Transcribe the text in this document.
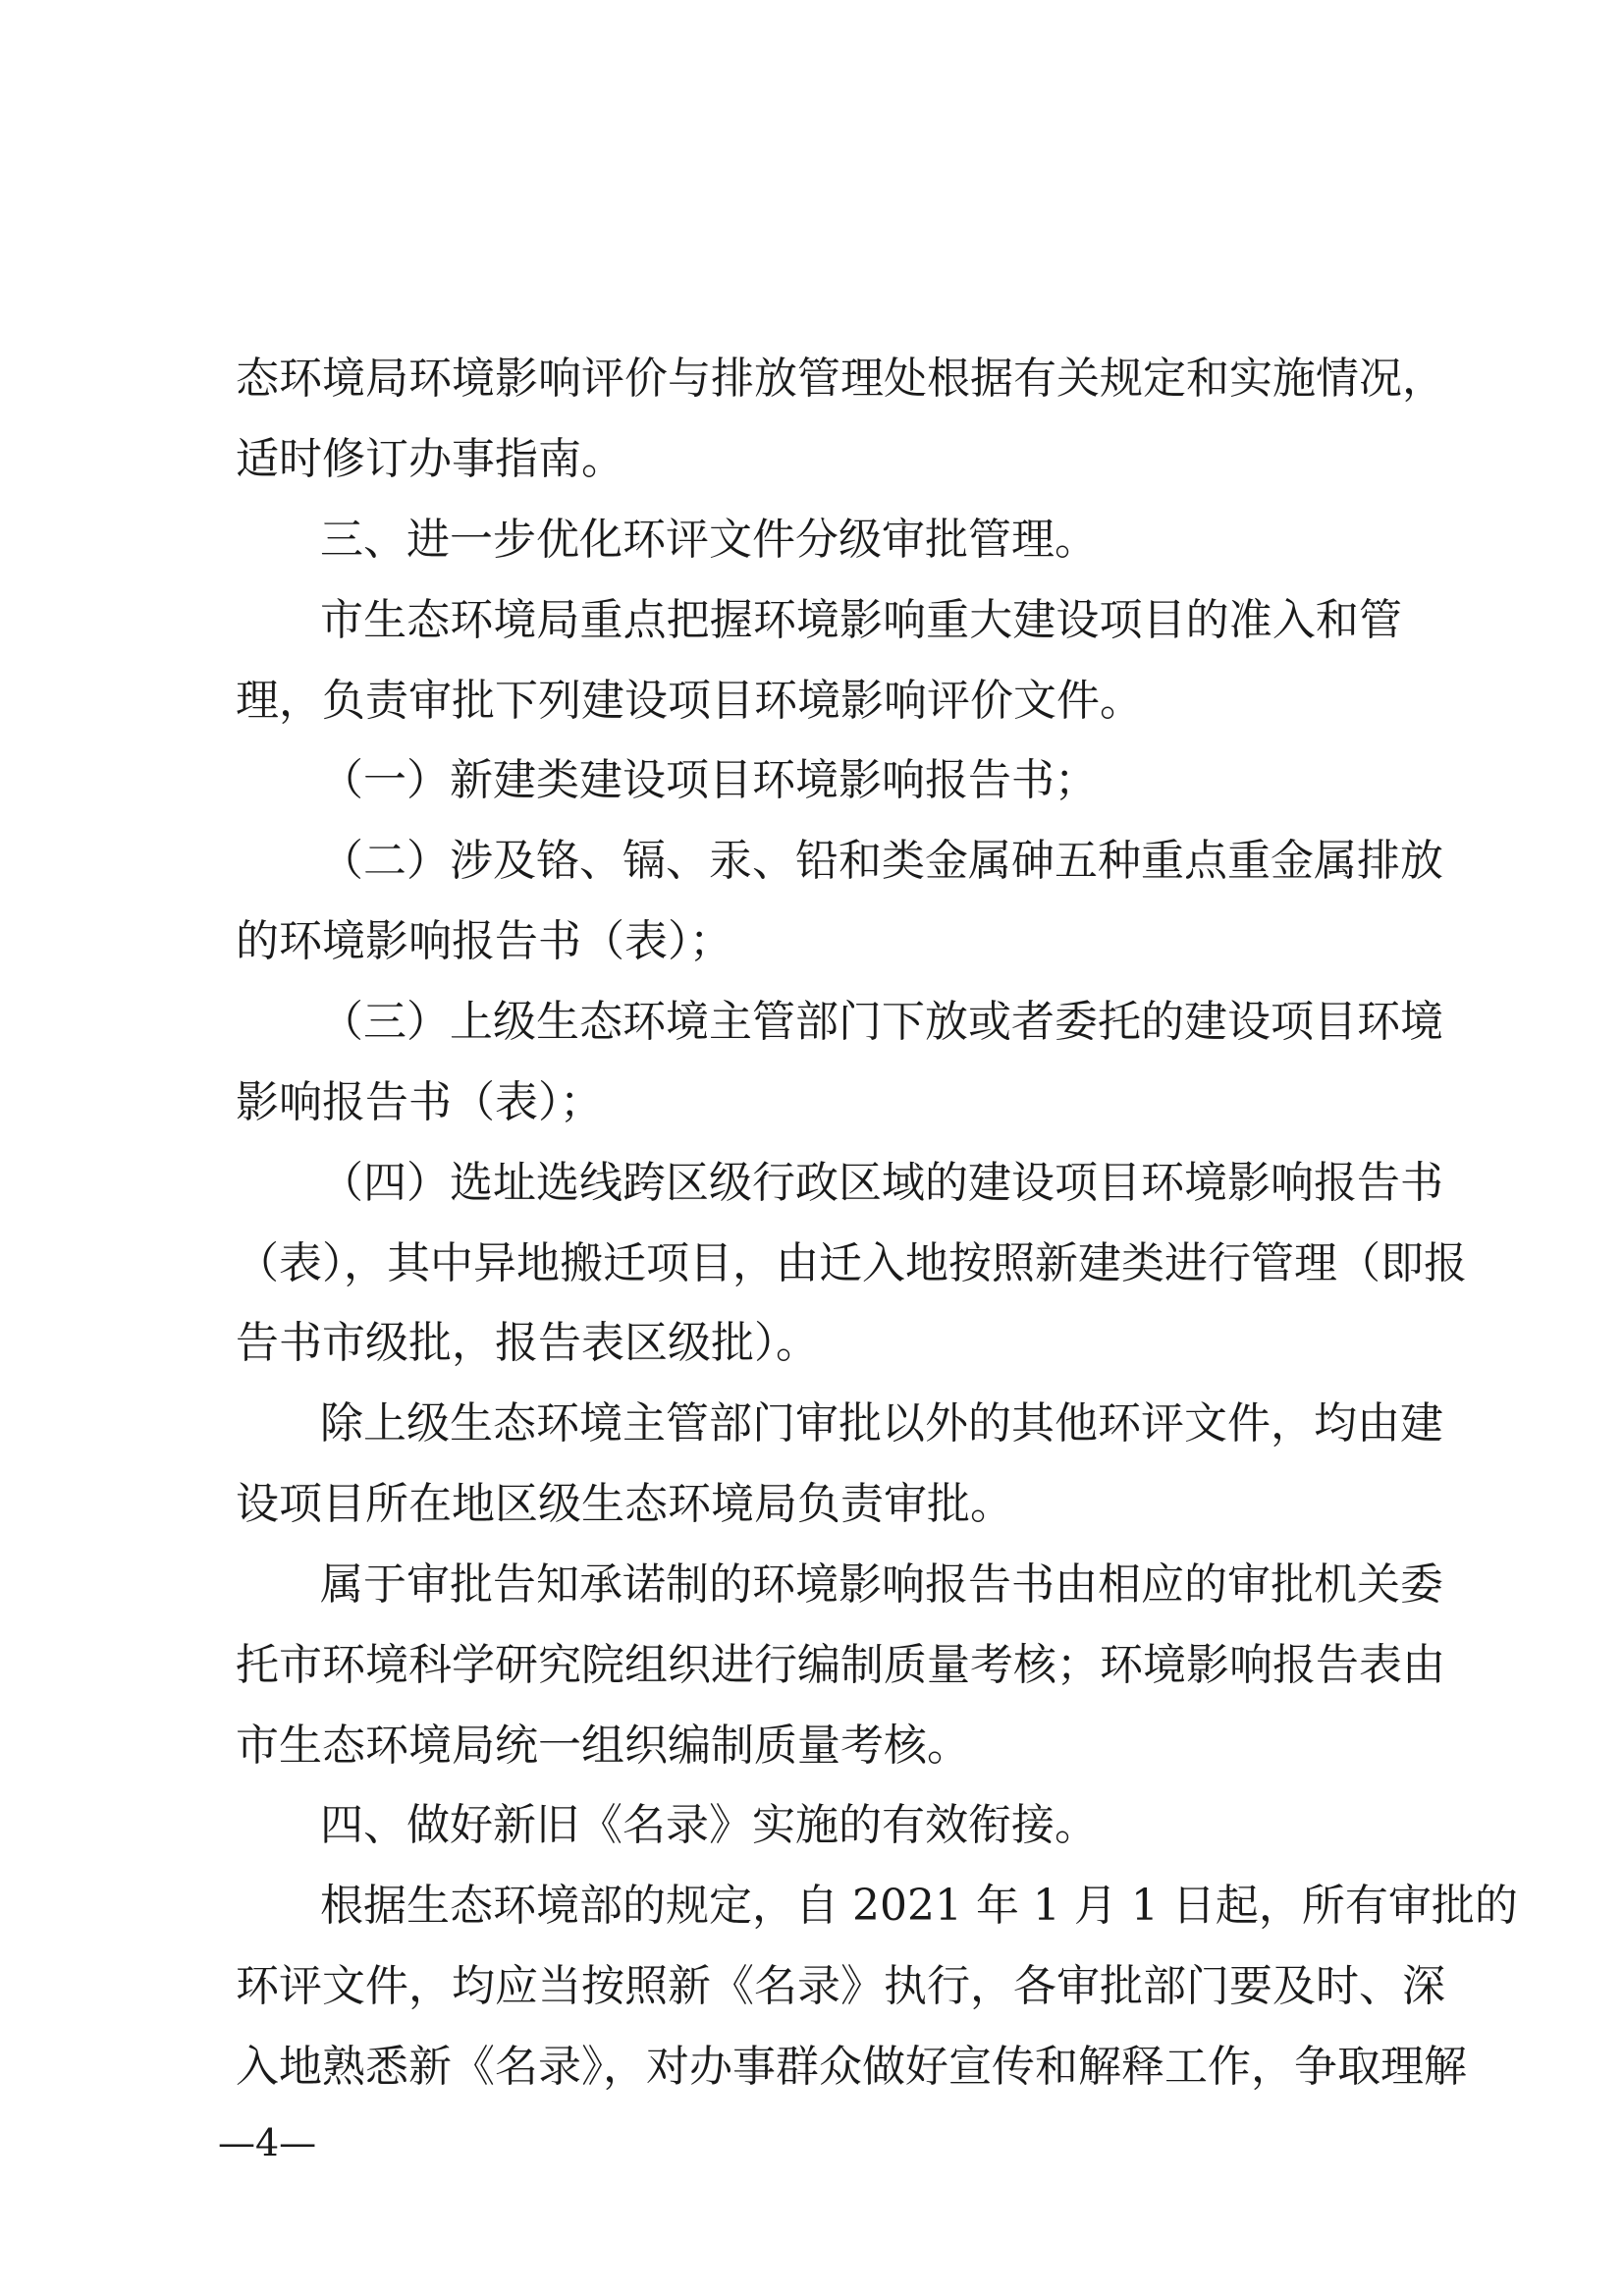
态环境局环境影响评价与排放管理处根据有关规定和实施情况，
适时修订办事指南。
三、进一步优化环评文件分级审批管理。
市生态环境局重点把握环境影响重大建设项目的准入和管
理，负责审批下列建设项目环境影响评价文件。
（一）新建类建设项目环境影响报告书；
（二）涉及铬、镉、汞、铅和类金属砷五种重点重金属排放
的环境影响报告书（表）；
（三）上级生态环境主管部门下放或者委托的建设项目环境
影响报告书（表）；
（四）选址选线跨区级行政区域的建设项目环境影响报告书
（表），其中异地搬迁项目，由迁入地按照新建类进行管理（即报
告书市级批，报告表区级批）。
除上级生态环境主管部门审批以外的其他环评文件，均由建
设项目所在地区级生态环境局负责审批。
属于审批告知承诺制的环境影响报告书由相应的审批机关委
托市环境科学研究院组织进行编制质量考核；环境影响报告表由
市生态环境局统一组织编制质量考核。
四、做好新旧《名录》实施的有效衔接。
根据生态环境部的规定，自 2021 年 1 月 1 日起，所有审批的
环评文件，均应当按照新《名录》执行，各审批部门要及时、深
入地熟悉新《名录》，对办事群众做好宣传和解释工作，争取理解
—4—
